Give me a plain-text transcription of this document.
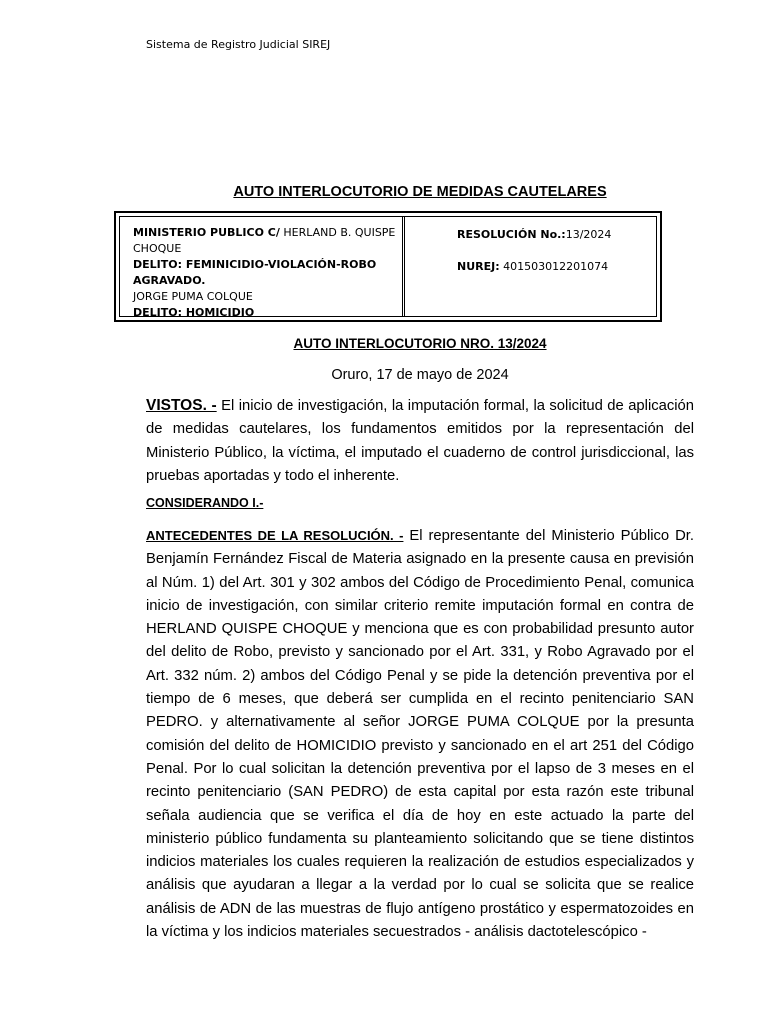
Sistema de Registro Judicial SIREJ
AUTO INTERLOCUTORIO DE MEDIDAS CAUTELARES
MINISTERIO PUBLICO C/ HERLAND B. QUISPE CHOQUE
DELITO: FEMINICIDIO-VIOLACIÓN-ROBO AGRAVADO.
JORGE PUMA COLQUE
DELITO: HOMICIDIO
RESOLUCIÓN No.:13/2024
NUREJ: 401503012201074
AUTO INTERLOCUTORIO NRO. 13/2024
Oruro, 17 de mayo de 2024
VISTOS. - El inicio de investigación, la imputación formal, la solicitud de aplicación de medidas cautelares, los fundamentos emitidos por la representación del Ministerio Público, la víctima, el imputado el cuaderno de control jurisdiccional, las pruebas aportadas y todo el inherente.
CONSIDERANDO I.-
ANTECEDENTES DE LA RESOLUCIÓN. - El representante del Ministerio Público Dr. Benjamín Fernández Fiscal de Materia asignado en la presente causa en previsión al Núm. 1) del Art. 301 y 302 ambos del Código de Procedimiento Penal, comunica inicio de investigación, con similar criterio remite imputación formal en contra de HERLAND QUISPE CHOQUE y menciona que es con probabilidad presunto autor del delito de Robo, previsto y sancionado por el Art. 331, y Robo Agravado por el Art. 332 núm. 2) ambos del Código Penal y se pide la detención preventiva por el tiempo de 6 meses, que deberá ser cumplida en el recinto penitenciario SAN PEDRO. y alternativamente al señor JORGE PUMA COLQUE por la presunta comisión del delito de HOMICIDIO previsto y sancionado en el art 251 del Código Penal. Por lo cual solicitan la detención preventiva por el lapso de 3 meses en el recinto penitenciario (SAN PEDRO) de esta capital por esta razón este tribunal señala audiencia que se verifica el día de hoy en este actuado la parte del ministerio público fundamenta su planteamiento solicitando que se tiene distintos indicios materiales los cuales requieren la realización de estudios especializados y análisis que ayudaran a llegar a la verdad por lo cual se solicita que se realice análisis de ADN de las muestras de flujo antígeno prostático y espermatozoides en la víctima y los indicios materiales secuestrados - análisis dactotelescópico -
